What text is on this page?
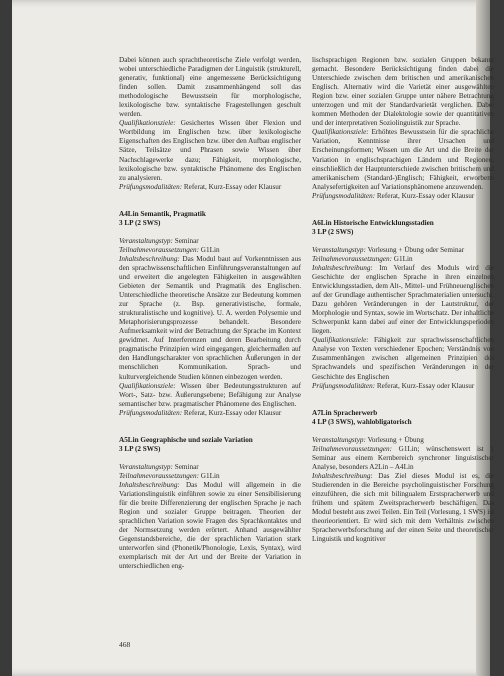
Dabei können auch sprachtheoretische Ziele verfolgt werden, wobei unterschiedliche Paradigmen der Linguistik (strukturell, generativ, funktional) eine angemessene Berücksichtigung finden sollen. Damit zusammenhängend soll das methodologische Bewusstsein für morphologische, lexikologische bzw. syntaktische Fragestellungen geschult werden.

Qualifikationsziele: Gesichertes Wissen über Flexion und Wortbildung im Englischen bzw. über lexikologische Eigenschaften des Englischen bzw. über den Aufbau englischer Sätze, Teilsätze und Phrasen sowie Wissen über Nachschlagewerke dazu; Fähigkeit, morphologische, lexikologische bzw. syntaktische Phänomene des Englischen zu analysieren.

Prüfungsmodalitäten: Referat, Kurz-Essay oder Klausur

A4Lin Semantik, Pragmatik

3 LP (2 SWS)

Veranstaltungstyp: Seminar

Teilnahmevoraussetzungen: G1Lin

Inhaltsbeschreibung: Das Modul baut auf Vorkenntnissen aus den sprachwissenschaftlichen Einführungsveranstaltungen auf und erweitert die angelegten Fähigkeiten in ausgewählten Gebieten der Semantik und Pragmatik des Englischen. Unterschiedliche theoretische Ansätze zur Bedeutung kommen zur Sprache (z. Bsp. generativistische, formale, strukturalistische und kognitive). U. A. werden Polysemie und Metaphorisierungsprozesse behandelt. Besondere Aufmerksamkeit wird der Betrachtung der Sprache im Kontext gewidmet. Auf Interferenzen und deren Bearbeitung durch pragmatische Prinzipien wird eingegangen, gleichermaßen auf den Handlungscharakter von sprachlichen Äußerungen in der menschlichen Kommunikation. Sprach- und kulturvergleichende Studien können einbezogen werden.

Qualifikationsziele: Wissen über Bedeutungsstrukturen auf Wort-, Satz- bzw. Äußerungsebene; Befähigung zur Analyse semantischer bzw. pragmatischer Phänomene des Englischen.

Prüfungsmodalitäten: Referat, Kurz-Essay oder Klausur

A5Lin Geographische und soziale Variation

3 LP (2 SWS)

Veranstaltungstyp: Seminar

Teilnahmevoraussetzungen: G1Lin

Inhaltsbeschreibung: Das Modul will allgemein in die Variationslinguistik einführen sowie zu einer Sensibilisierung für die breite Differenzierung der englischen Sprache je nach Region und sozialer Gruppe beitragen. Theorien der sprachlichen Variation sowie Fragen des Sprachkontaktes und der Normsetzung werden erörtert. Anhand ausgewählter Gegenstandsbereiche, die der sprachlichen Variation stark unterworfen sind (Phonetik/Phonologie, Lexis, Syntax), wird exemplarisch mit der Art und der Breite der Variation in unterschiedlichen eng-

lischsprachigen Regionen bzw. sozialen Gruppen bekannt gemacht. Besondere Berücksichtigung finden dabei die Unterschiede zwischen dem britischen und amerikanischen Englisch. Alternativ wird die Varietät einer ausgewählten Region bzw. einer sozialen Gruppe unter nähere Betrachtung unterzogen und mit der Standardvarietät verglichen. Dabei kommen Methoden der Dialektologie sowie der quantitativen und der interpretativen Soziolinguistik zur Sprache.

Qualifikationsziele: Erhöhtes Bewusstsein für die sprachliche Variation, Kenntnisse ihrer Ursachen und Erscheinungsformen; Wissen um die Art und die Breite der Variation in englischsprachigen Ländern und Regionen, einschließlich der Hauptunterschiede zwischen britischem und amerikanischem (Standard-)Englisch; Fähigkeit, erworbene Analysefertigkeiten auf Variationsphänomene anzuwenden.

Prüfungsmodalitäten: Referat, Kurz-Essay oder Klausur

A6Lin Historische Entwicklungsstadien

3 LP (2 SWS)

Veranstaltungstyp: Vorlesung + Übung oder Seminar

Teilnahmevoraussetzungen: G1Lin

Inhaltsbeschreibung: Im Verlauf des Moduls wird die Geschichte der englischen Sprache in ihren einzelnen Entwicklungsstadien, dem Alt-, Mittel- und Frühneuenglischen auf der Grundlage authentischer Sprachmaterialien untersucht. Dazu gehören Veränderungen in der Lautstruktur, der Morphologie und Syntax, sowie im Wortschatz. Der inhaltliche Schwerpunkt kann dabei auf einer der Entwicklungsperioden liegen.

Qualifikationsziele: Fähigkeit zur sprachwissenschaftlichen Analyse von Texten verschiedener Epochen; Verständnis von Zusammenhängen zwischen allgemeinen Prinzipien des Sprachwandels und spezifischen Veränderungen in der Geschichte des Englischen

Prüfungsmodalitäten: Referat, Kurz-Essay oder Klausur

A7Lin Spracherwerb

4 LP (3 SWS), wahlobligatorisch

Veranstaltungstyp: Vorlesung + Übung

Teilnahmevoraussetzungen: G1Lin; wünschenswert ist 1 Seminar aus einem Kernbereich synchroner linguistischer Analyse, besonders A2Lin – A4Lin

Inhaltsbeschreibung: Das Ziel dieses Modul ist es, die Studierenden in die Bereiche psycholinguistischer Forschung einzuführen, die sich mit bilingualem Erstspracherwerb und frühem und spätem Zweitspracherwerb beschäftigen. Das Modul besteht aus zwei Teilen. Ein Teil (Vorlesung, 1 SWS) ist theorieorientiert. Er wird sich mit dem Verhältnis zwischen Spracherwerbsforschung auf der einen Seite und theoretischer Linguistik und kognitiver

468
